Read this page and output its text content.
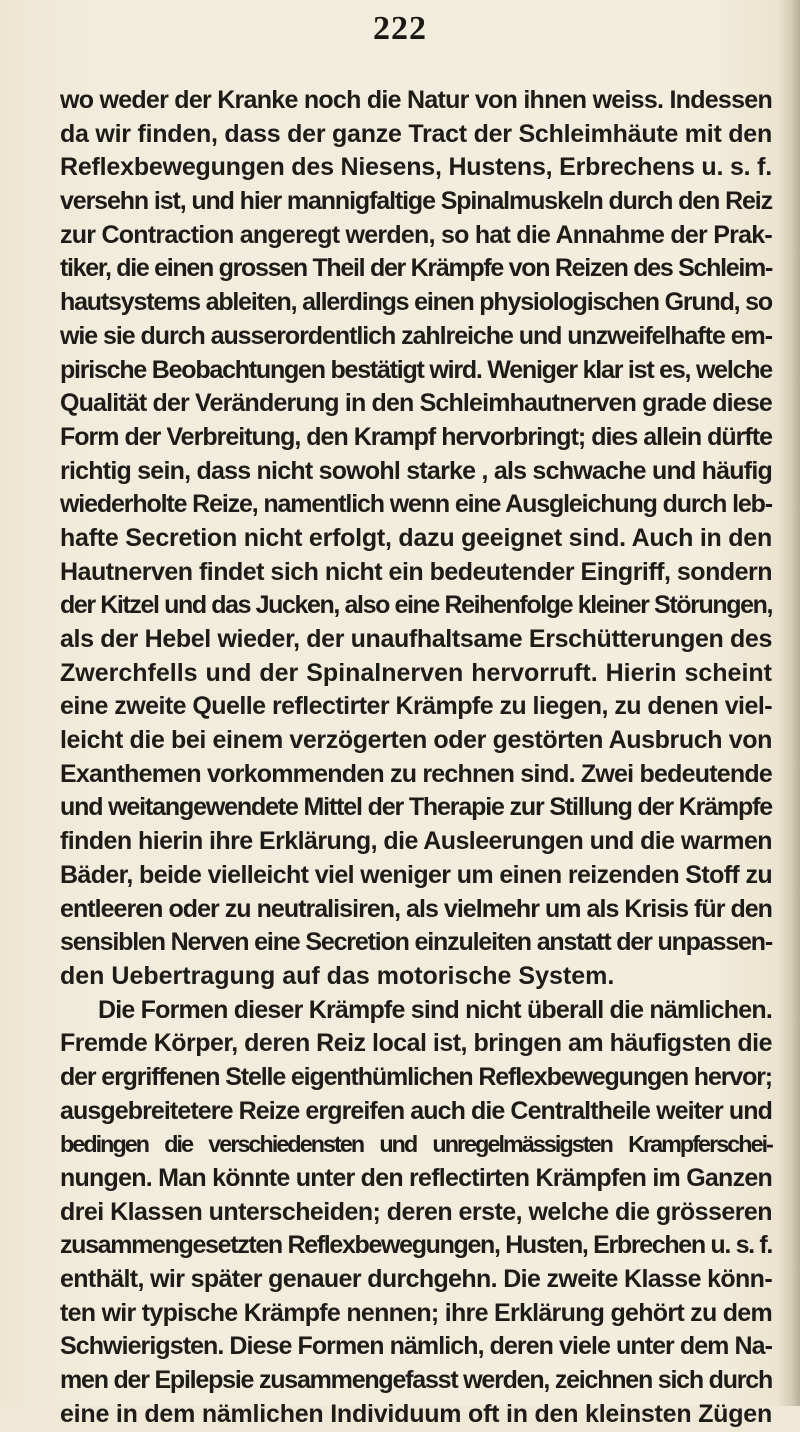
222
wo weder der Kranke noch die Natur von ihnen weiss. Indessen
da wir finden, dass der ganze Tract der Schleimhäute mit den
Reflexbewegungen des Niesens, Hustens, Erbrechens u. s. f.
versehn ist, und hier mannigfaltige Spinalmuskeln durch den Reiz
zur Contraction angeregt werden, so hat die Annahme der Prak-
tiker, die einen grossen Theil der Krämpfe von Reizen des Schleim-
hautsystems ableiten, allerdings einen physiologischen Grund, so
wie sie durch ausserordentlich zahlreiche und unzweifelhafte em-
pirische Beobachtungen bestätigt wird. Weniger klar ist es, welche
Qualität der Veränderung in den Schleimhautnerven grade diese
Form der Verbreitung, den Krampf hervorbringt; dies allein dürfte
richtig sein, dass nicht sowohl starke , als schwache und häufig
wiederholte Reize, namentlich wenn eine Ausgleichung durch leb-
hafte Secretion nicht erfolgt, dazu geeignet sind. Auch in den
Hautnerven findet sich nicht ein bedeutender Eingriff, sondern
der Kitzel und das Jucken, also eine Reihenfolge kleiner Störungen,
als der Hebel wieder, der unaufhaltsame Erschütterungen des
Zwerchfells und der Spinalnerven hervorruft. Hierin scheint
eine zweite Quelle reflectirter Krämpfe zu liegen, zu denen viel-
leicht die bei einem verzögerten oder gestörten Ausbruch von
Exanthemen vorkommenden zu rechnen sind. Zwei bedeutende
und weitangewendete Mittel der Therapie zur Stillung der Krämpfe
finden hierin ihre Erklärung, die Ausleerungen und die warmen
Bäder, beide vielleicht viel weniger um einen reizenden Stoff zu
entleeren oder zu neutralisiren, als vielmehr um als Krisis für den
sensiblen Nerven eine Secretion einzuleiten anstatt der unpassen-
den Uebertragung auf das motorische System.
Die Formen dieser Krämpfe sind nicht überall die nämlichen.
Fremde Körper, deren Reiz local ist, bringen am häufigsten die
der ergriffenen Stelle eigenthümlichen Reflexbewegungen hervor;
ausgebreitetere Reize ergreifen auch die Centraltheile weiter und
bedingen die verschiedensten und unregelmässigsten Krampferschei-
nungen. Man könnte unter den reflectirten Krämpfen im Ganzen
drei Klassen unterscheiden; deren erste, welche die grösseren
zusammengesetzten Reflexbewegungen, Husten, Erbrechen u. s. f.
enthält, wir später genauer durchgehn. Die zweite Klasse könn-
ten wir typische Krämpfe nennen; ihre Erklärung gehört zu dem
Schwierigsten. Diese Formen nämlich, deren viele unter dem Na-
men der Epilepsie zusammengefasst werden, zeichnen sich durch
eine in dem nämlichen Individuum oft in den kleinsten Zügen
